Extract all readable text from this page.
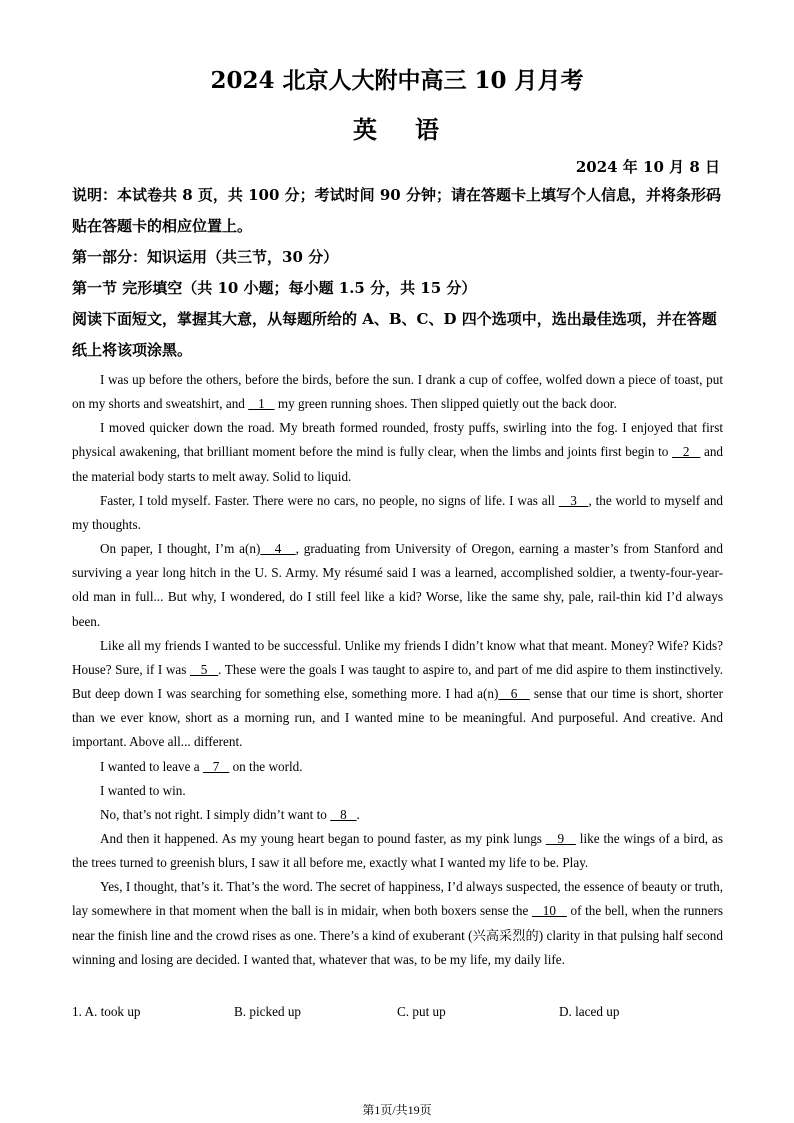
2024 北京人大附中高三 10 月月考
英 语
2024 年 10 月 8 日
说明：本试卷共 8 页，共 100 分；考试时间 90 分钟；请在答题卡上填写个人信息，并将条形码贴在答题卡的相应位置上。
第一部分：知识运用（共三节，30 分）
第一节 完形填空（共 10 小题；每小题 1.5 分，共 15 分）
阅读下面短文，掌握其大意，从每题所给的 A、B、C、D 四个选项中，选出最佳选项，并在答题纸上将该项涂黑。

I was up before the others, before the birds, before the sun. I drank a cup of coffee, wolfed down a piece of toast, put on my shorts and sweatshirt, and    1    my green running shoes. Then slipped quietly out the back door.

I moved quicker down the road. My breath formed rounded, frosty puffs, swirling into the fog. I enjoyed that first physical awakening, that brilliant moment before the mind is fully clear, when the limbs and joints first begin to    2    and the material body starts to melt away. Solid to liquid.

Faster, I told myself. Faster. There were no cars, no people, no signs of life. I was all    3   , the world to myself and my thoughts.

On paper, I thought, I’m a(n)   4   , graduating from University of Oregon, earning a master’s from Stanford and surviving a year long hitch in the U. S. Army. My résumé said I was a learned, accomplished soldier, a twenty-four-year-old man in full... But why, I wondered, do I still feel like a kid? Worse, like the same shy, pale, rail-thin kid I’d always been.

Like all my friends I wanted to be successful. Unlike my friends I didn’t know what that meant. Money? Wife? Kids? House? Sure, if I was    5   . These were the goals I was taught to aspire to, and part of me did aspire to them instinctively. But deep down I was searching for something else, something more. I had a(n)   6    sense that our time is short, shorter than we ever know, short as a morning run, and I wanted mine to be meaningful. And purposeful. And creative. And important. Above all... different.

I wanted to leave a    7    on the world.

I wanted to win.

No, that’s not right. I simply didn’t want to    8   .

And then it happened. As my young heart began to pound faster, as my pink lungs    9    like the wings of a bird, as the trees turned to greenish blurs, I saw it all before me, exactly what I wanted my life to be. Play.

Yes, I thought, that’s it. That’s the word. The secret of happiness, I’d always suspected, the essence of beauty or truth, lay somewhere in that moment when the ball is in midair, when both boxers sense the    10    of the bell, when the runners near the finish line and the crowd rises as one. There’s a kind of exuberant (兴高采烈的) clarity in that pulsing half second winning and losing are decided. I wanted that, whatever that was, to be my life, my daily life.

1. A. took up	B. picked up	C. put up	D. laced up
第1页/共19页
